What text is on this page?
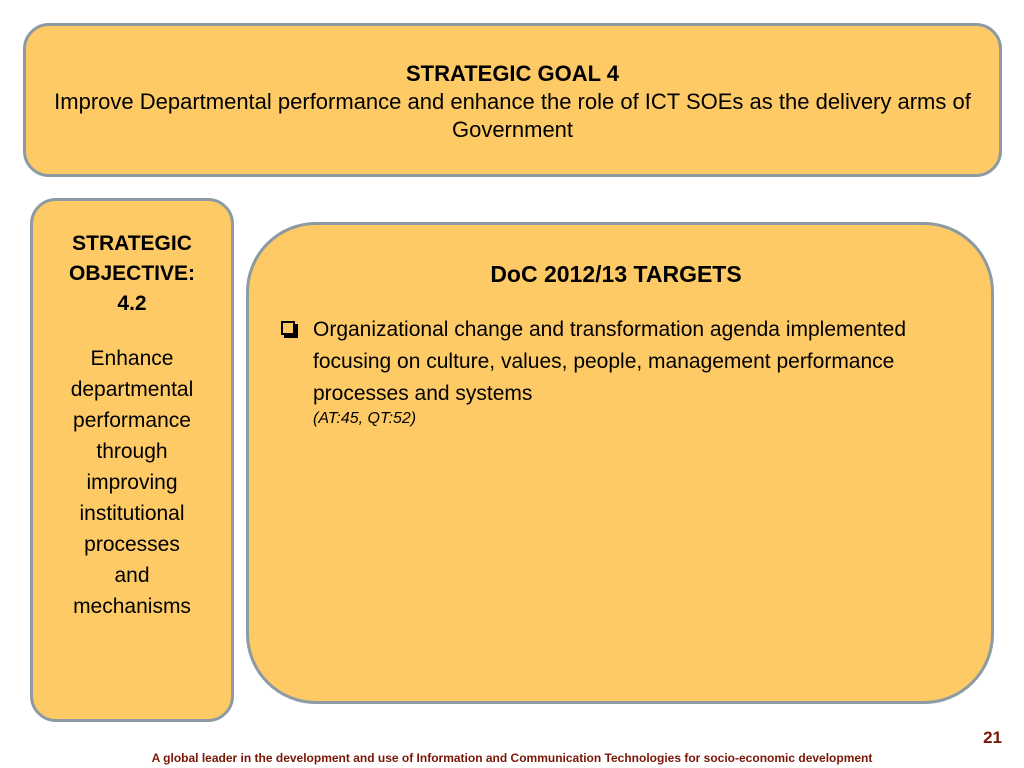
STRATEGIC GOAL 4
Improve Departmental performance and enhance the role of ICT SOEs as the delivery arms of Government
STRATEGIC
OBJECTIVE:
4.2
Enhance
departmental
performance
through
improving
institutional
processes
and
mechanisms
DoC 2012/13 TARGETS
Organizational change and transformation agenda implemented focusing on culture, values, people, management performance processes and systems
(AT:45, QT:52)
21
A global leader in the development and use of Information and Communication Technologies for socio-economic development
